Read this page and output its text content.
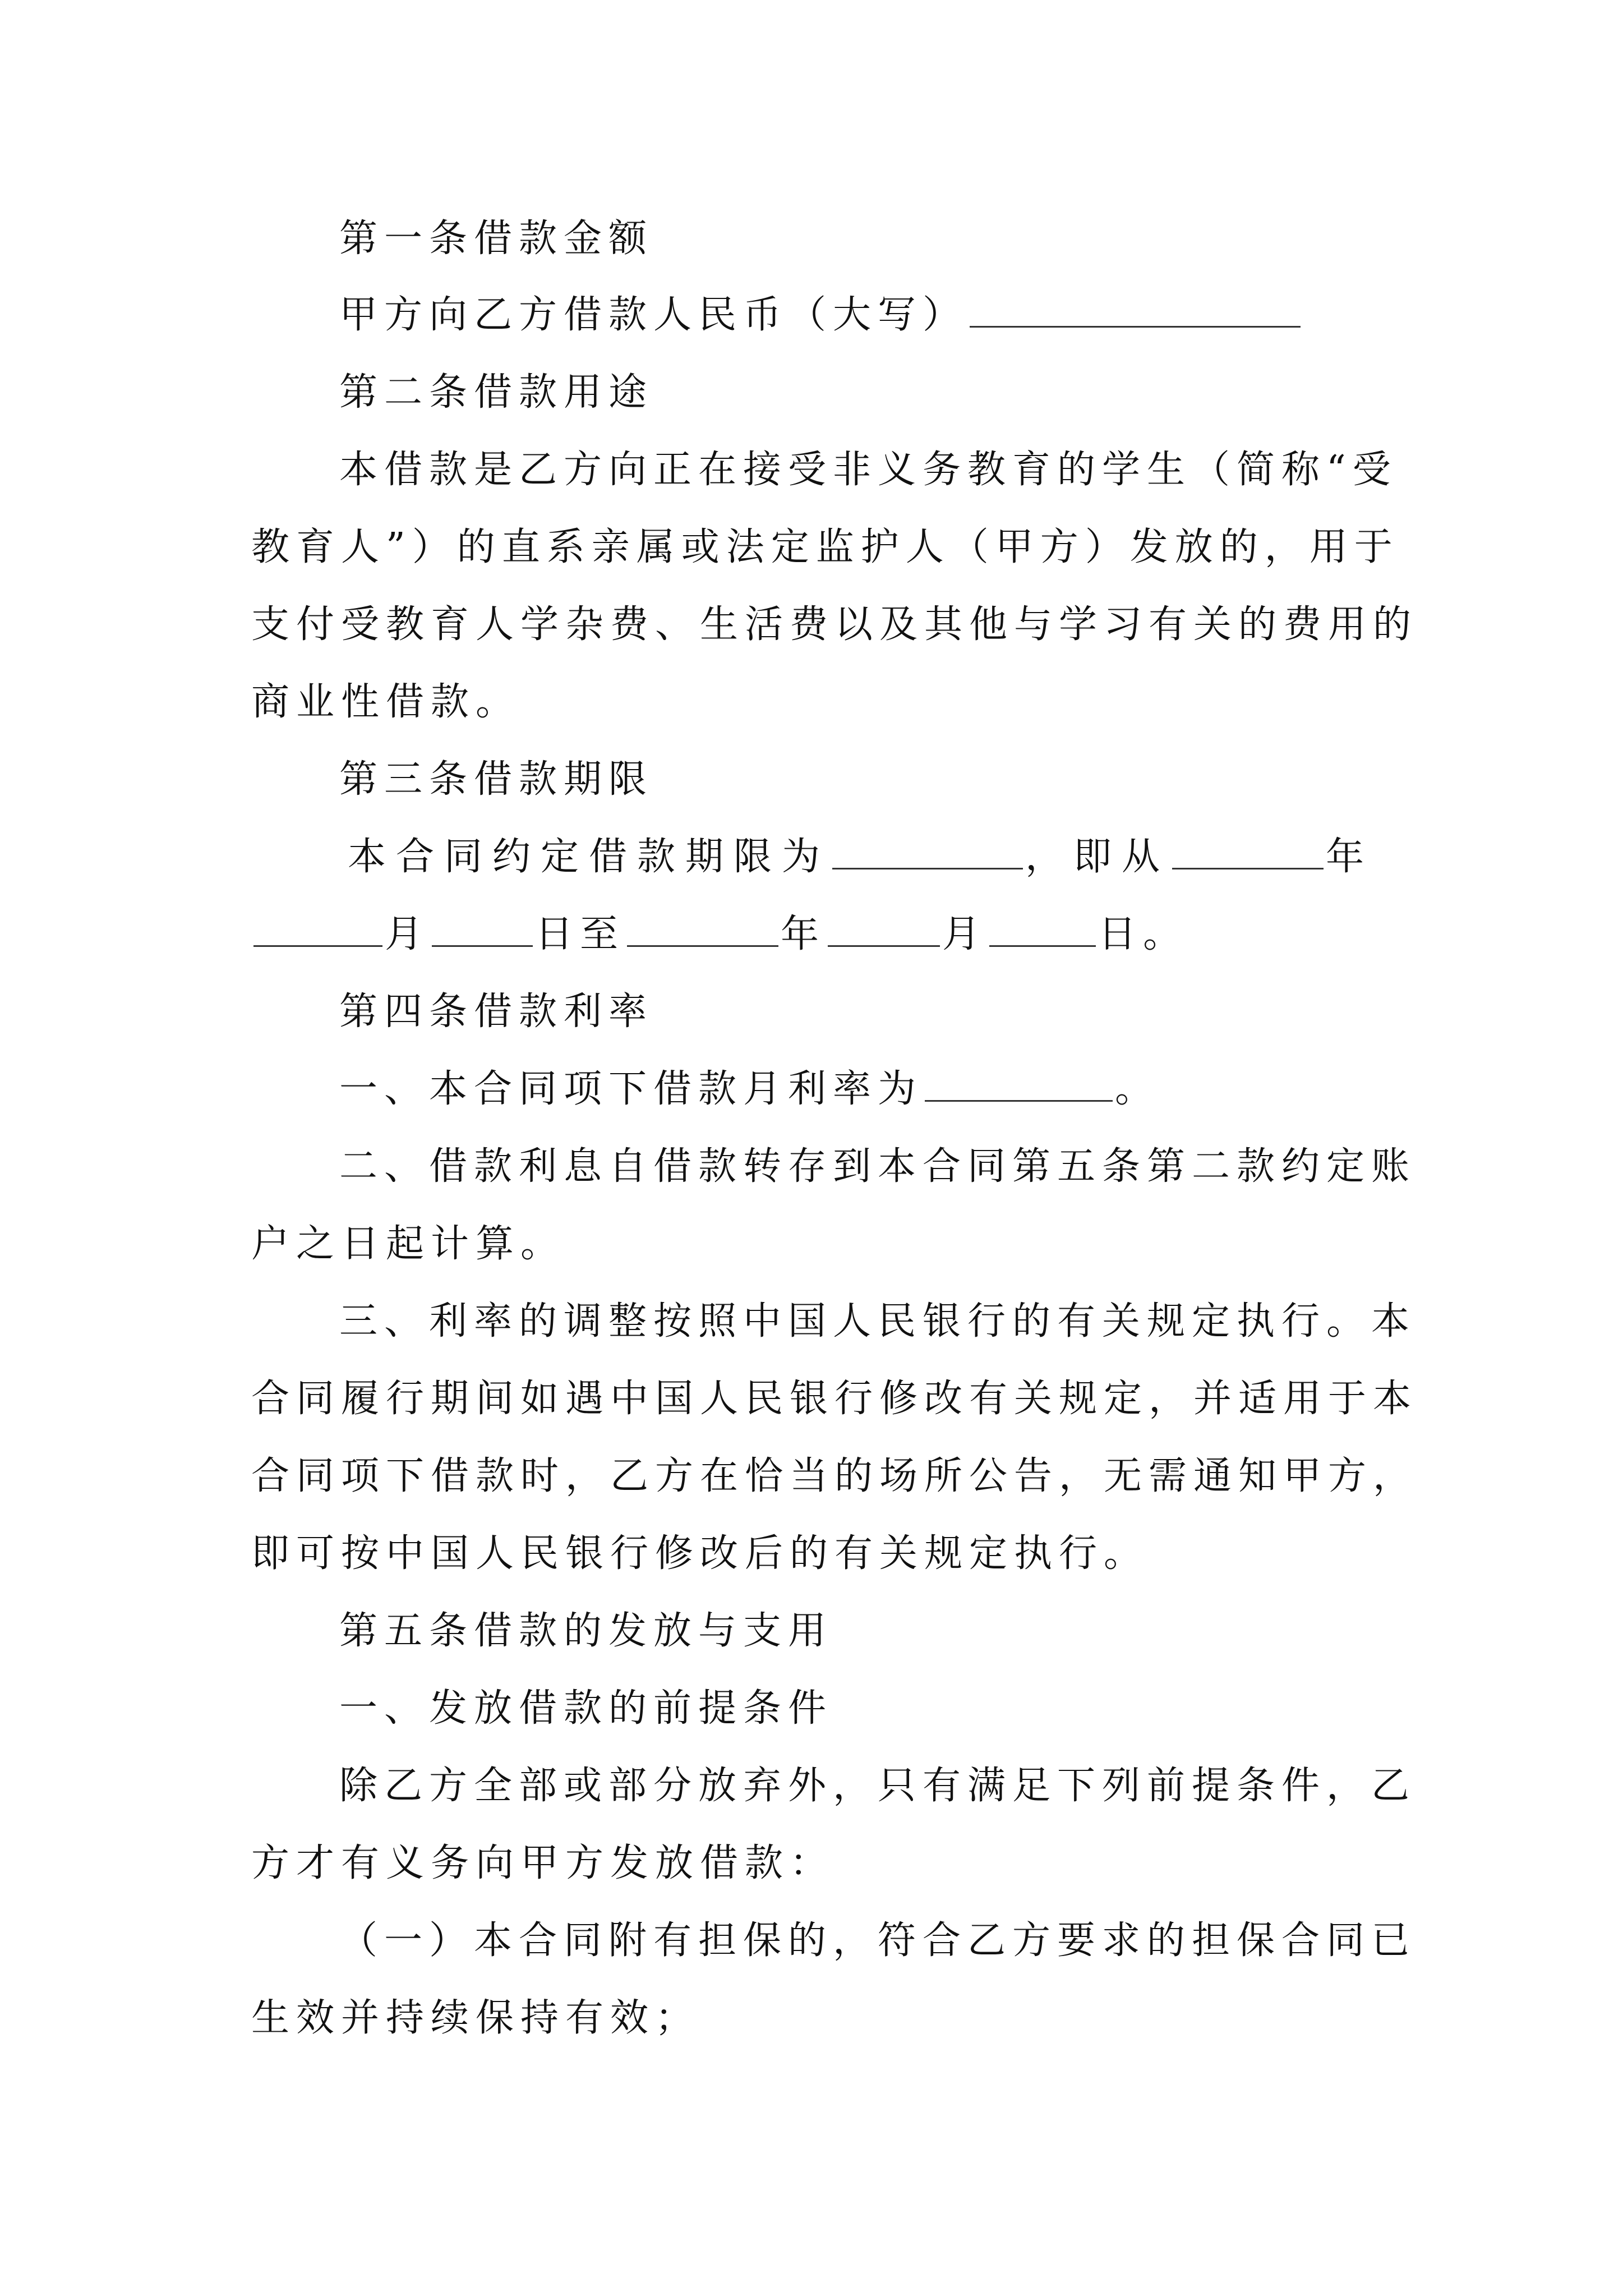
第一条借款金额
甲方向乙方借款人民币（大写）
第二条借款用途
本借款是乙方向正在接受非义务教育的学生（简称“受
教育人”）的直系亲属或法定监护人（甲方）发放的，用于
支付受教育人学杂费、生活费以及其他与学习有关的费用的
商业性借款。
第三条借款期限
本合同约定借款期限为	，即从	年
月	日至	年	月	日。
第四条借款利率
一、本合同项下借款月利率为	。
二、借款利息自借款转存到本合同第五条第二款约定账
户之日起计算。
三、利率的调整按照中国人民银行的有关规定执行。本
合同履行期间如遇中国人民银行修改有关规定，并适用于本
合同项下借款时，乙方在恰当的场所公告，无需通知甲方，
即可按中国人民银行修改后的有关规定执行。
第五条借款的发放与支用
一、发放借款的前提条件
除乙方全部或部分放弃外，只有满足下列前提条件，乙
方才有义务向甲方发放借款：
（一）本合同附有担保的，符合乙方要求的担保合同已
生效并持续保持有效；
